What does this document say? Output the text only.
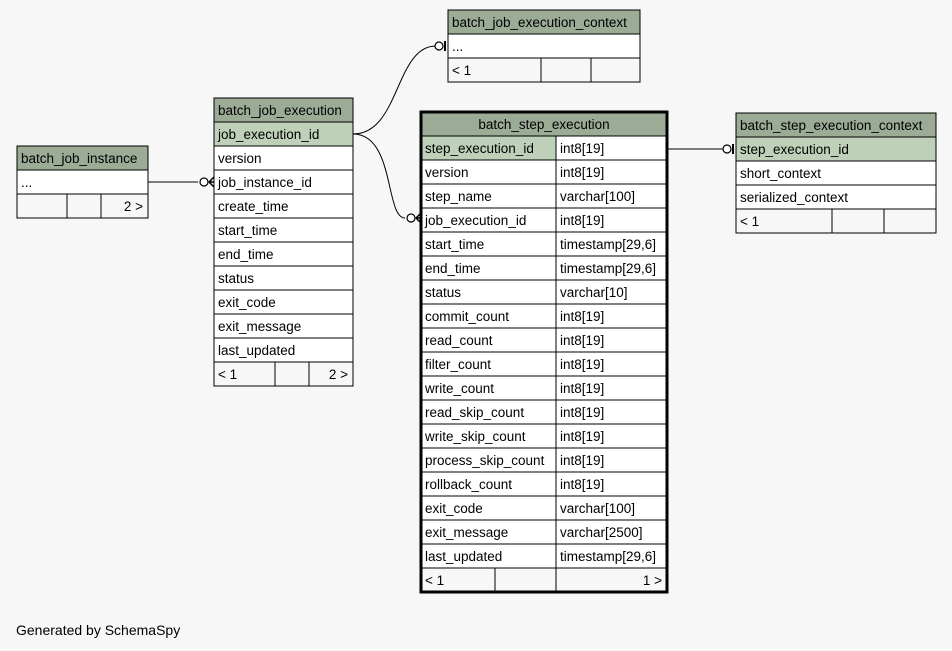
batch_job_instance
...
2 >
batch_job_execution
job_execution_id
version
job_instance_id
create_time
start_time
end_time
status
exit_code
exit_message
last_updated
< 1	2 >
batch_job_execution_context
...
< 1
batch_step_execution
step_execution_id int8[19]
version	int8[19]
step_name	varchar[100]
job_execution_id int8[19]
start_time	timestamp[29,6]
end_time	timestamp[29,6]
status	varchar[10]
commit_count	int8[19]
read_count	int8[19]
filter_count	int8[19]
write_count	int8[19]
read_skip_count	int8[19]
write_skip_count	int8[19]
process_skip_count int8[19]
rollback_count	int8[19]
exit_code	varchar[100]
exit_message	varchar[2500]
last_updated	timestamp[29,6]
< 1	1 >
batch_step_execution_context
step_execution_id
short_context
serialized_context
< 1
Generated by SchemaSpy
